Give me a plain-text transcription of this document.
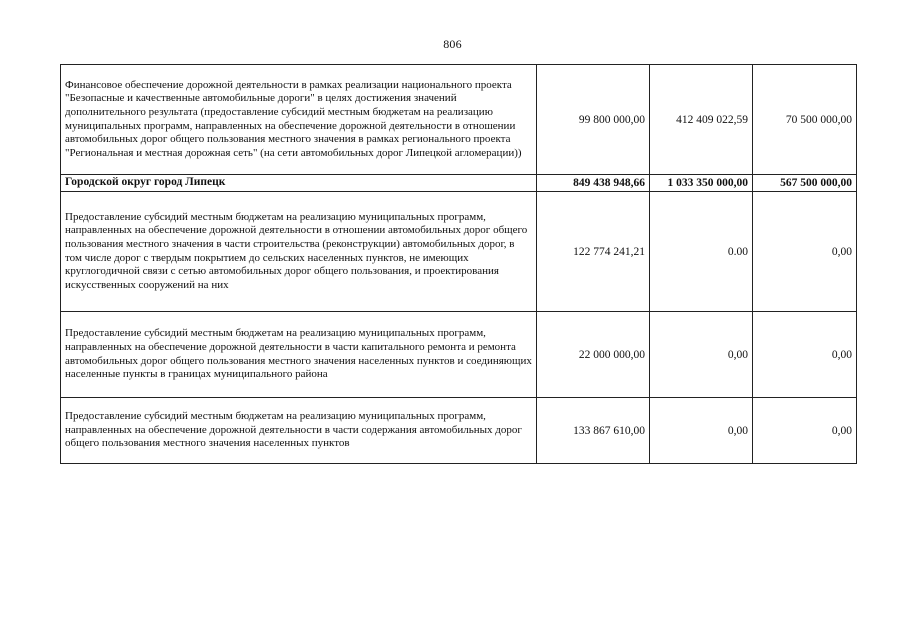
806
Финансовое обеспечение дорожной деятельности в рамках реализации национального проекта "Безопасные и качественные автомобильные дороги" в целях достижения значений дополнительного результата (предоставление субсидий местным бюджетам на реализацию муниципальных программ, направленных на обеспечение дорожной деятельности в отношении автомобильных дорог общего пользования местного значения в рамках регионального проекта "Региональная и местная дорожная сеть" (на сети автомобильных дорог Липецкой агломерации))	99 800 000,00	412 409 022,59	70 500 000,00
Городской округ город Липецк	849 438 948,66	1 033 350 000,00	567 500 000,00
Предоставление субсидий местным бюджетам на реализацию муниципальных программ, направленных на обеспечение дорожной деятельности в отношении автомобильных дорог общего пользования местного значения в части строительства (реконструкции) автомобильных дорог, в том числе дорог с твердым покрытием до сельских населенных пунктов, не имеющих круглогодичной связи с сетью автомобильных дорог общего пользования, и проектирования искусственных сооружений на них	122 774 241,21	0.00	0,00
Предоставление субсидий местным бюджетам на реализацию муниципальных программ, направленных на обеспечение дорожной деятельности в части капитального ремонта и ремонта автомобильных дорог общего пользования местного значения населенных пунктов и соединяющих населенные пункты в границах муниципального района	22 000 000,00	0,00	0,00
Предоставление субсидий местным бюджетам на реализацию муниципальных программ, направленных на обеспечение дорожной деятельности в части содержания автомобильных дорог общего пользования местного значения населенных пунктов	133 867 610,00	0,00	0,00
